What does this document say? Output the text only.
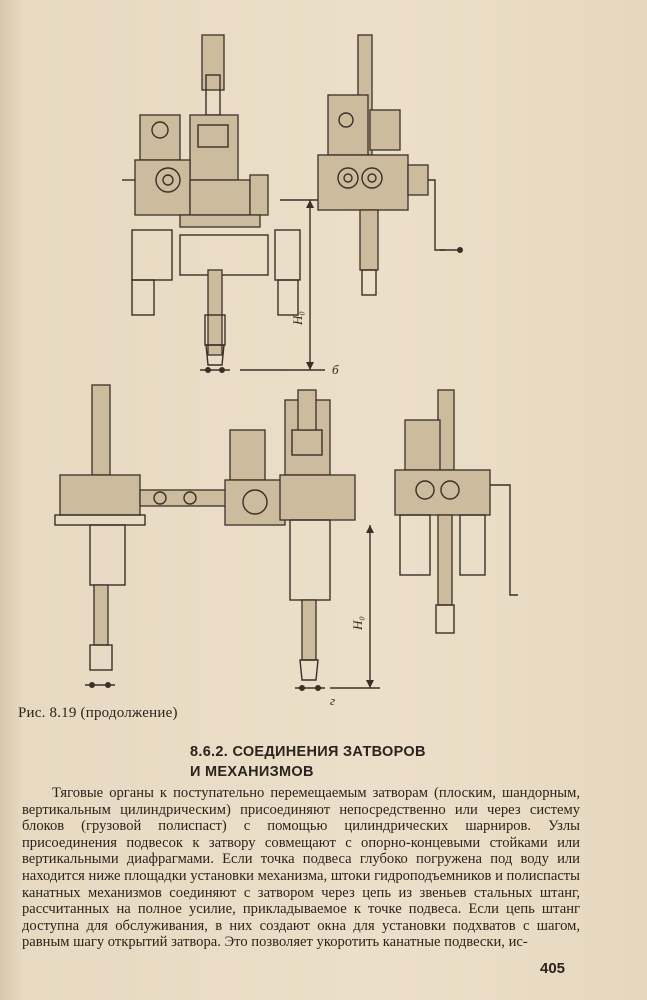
H₀
б
H₀
г
Рис. 8.19 (продолжение)
8.6.2. СОЕДИНЕНИЯ ЗАТВОРОВ
И МЕХАНИЗМОВ

Тяговые органы к поступательно перемещаемым затворам (плоским, шандорным, вертикальным цилиндрическим) присоединяют непосредственно или через систему блоков (грузовой полиспаст) с помощью цилиндрических шарниров. Узлы присоединения подвесок к затвору совмещают с опорно-концевыми стойками или вертикальными диафрагмами. Если точка подвеса глубоко погружена под воду или находится ниже площадки установки механизма, штоки гидроподъемников и полиспасты канатных механизмов соединяют с затвором через цепь из звеньев стальных штанг, рассчитанных на полное усилие, прикладываемое к точке подвеса. Если цепь штанг доступна для обслуживания, в них создают окна для установки подхватов с шагом, равным шагу открытий затвора. Это позволяет укоротить канатные подвески, ис-

405
